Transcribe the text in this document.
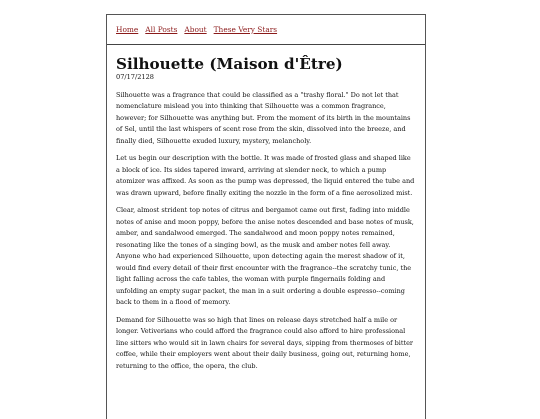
Home All Posts About These Very Stars
Silhouette (Maison d'Être)
07/17/2128

Silhouette was a fragrance that could be classified as a "trashy floral." Do not let that nomenclature mislead you into thinking that Silhouette was a common fragrance, however; for Silhouette was anything but. From the moment of its birth in the mountains of Sel, until the last whispers of scent rose from the skin, dissolved into the breeze, and finally died, Silhouette exuded luxury, mystery, melancholy.

Let us begin our description with the bottle. It was made of frosted glass and shaped like a block of ice. Its sides tapered inward, arriving at slender neck, to which a pump atomizer was affixed. As soon as the pump was depressed, the liquid entered the tube and was drawn upward, before finally exiting the nozzle in the form of a fine aerosolized mist.

Clear, almost strident top notes of citrus and bergamot came out first, fading into middle notes of anise and moon poppy, before the anise notes descended and base notes of musk, amber, and sandalwood emerged. The sandalwood and moon poppy notes remained, resonating like the tones of a singing bowl, as the musk and amber notes fell away. Anyone who had experienced Silhouette, upon detecting again the merest shadow of it, would find every detail of their first encounter with the fragrance--the scratchy tunic, the light falling across the cafe tables, the woman with purple fingernails folding and unfolding an empty sugar packet, the man in a suit ordering a double espresso--coming back to them in a flood of memory.

Demand for Silhouette was so high that lines on release days stretched half a mile or longer. Vetiverians who could afford the fragrance could also afford to hire professional line sitters who would sit in lawn chairs for several days, sipping from thermoses of bitter coffee, while their employers went about their daily business, going out, returning home, returning to the office, the opera, the club.
